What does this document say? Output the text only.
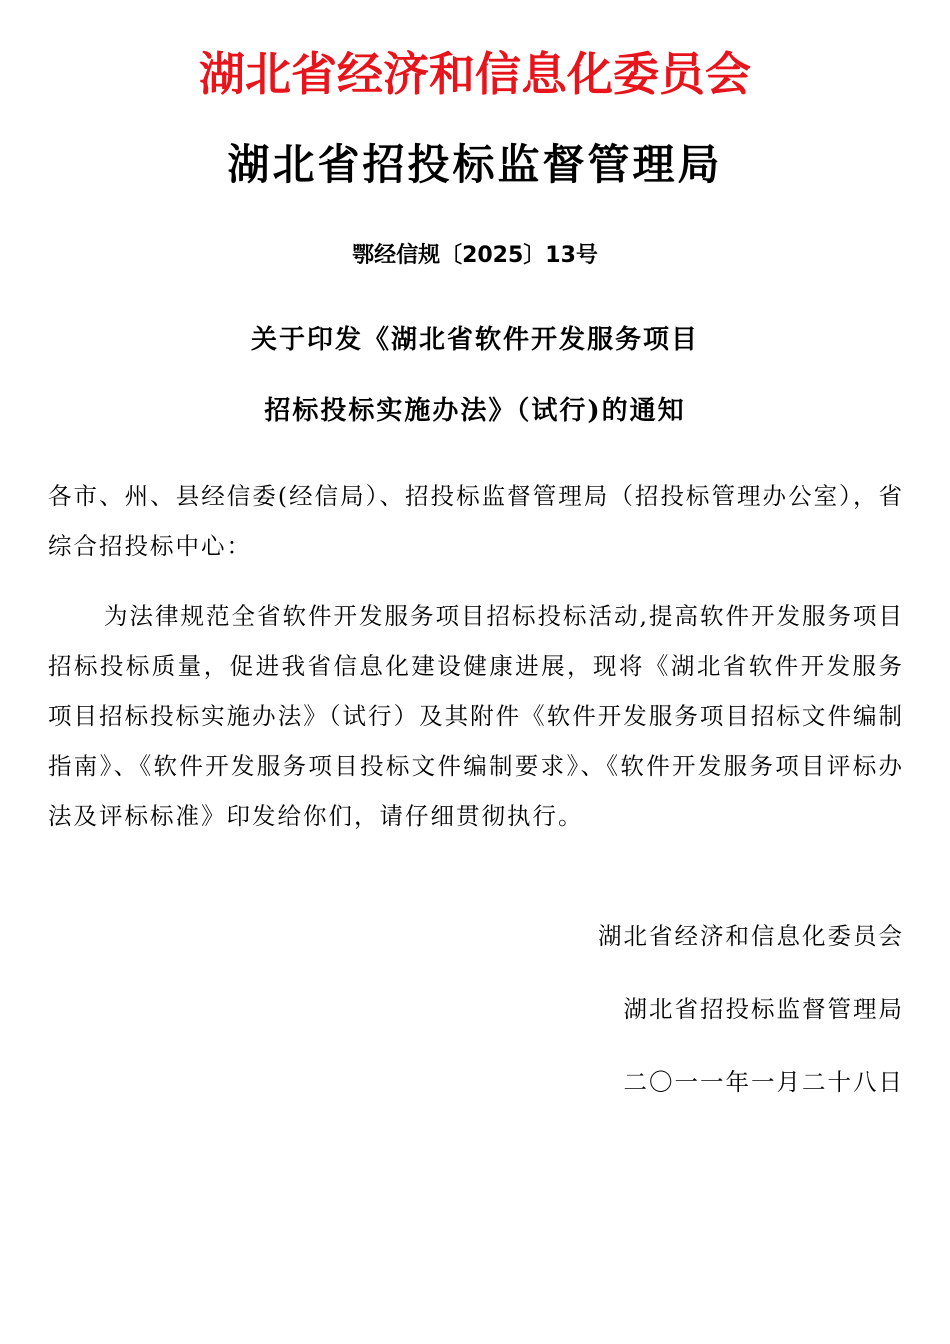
湖北省经济和信息化委员会
湖北省招投标监督管理局
鄂经信规〔2025〕13号
关于印发《湖北省软件开发服务项目
招标投标实施办法》（试行)的通知
各市、州、县经信委(经信局）、招投标监督管理局（招投标管理办公室），省综合招投标中心：
为法律规范全省软件开发服务项目招标投标活动,提高软件开发服务项目招标投标质量，促进我省信息化建设健康进展，现将《湖北省软件开发服务项目招标投标实施办法》（试行）及其附件《软件开发服务项目招标文件编制指南》、《软件开发服务项目投标文件编制要求》、《软件开发服务项目评标办法及评标标准》印发给你们，请仔细贯彻执行。
湖北省经济和信息化委员会
湖北省招投标监督管理局
二〇一一年一月二十八日
